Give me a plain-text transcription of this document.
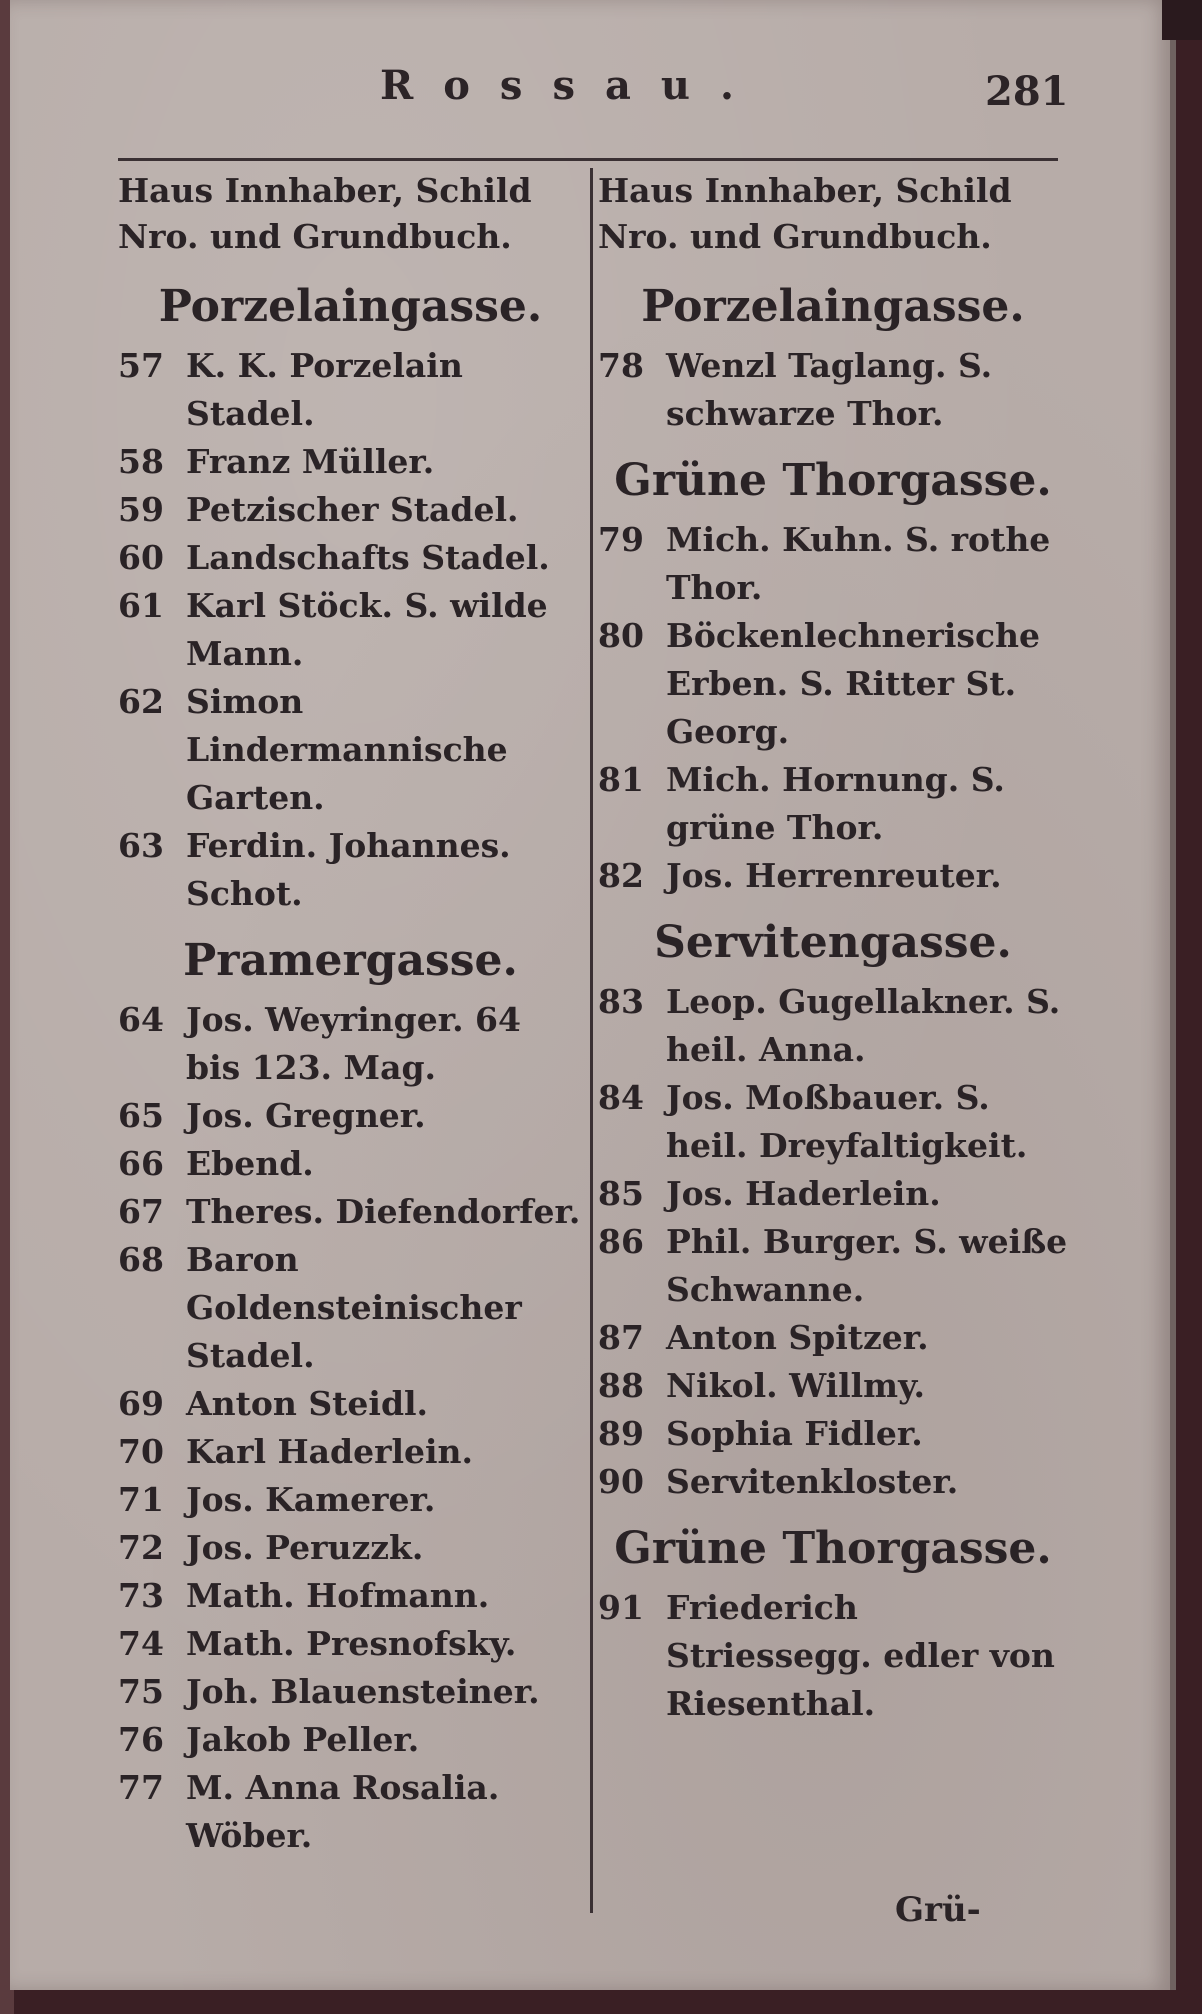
Rossau.	281
Haus Innhaber, Schild
Nro. und Grundbuch.
Porzelaingasse.
57 K. K. Porzelain Stadel.
58 Franz Müller.
59 Petzischer Stadel.
60 Landschafts Stadel.
61 Karl Stöck. S. wilde Mann.
62 Simon Lindermannische Garten.
63 Ferdin. Johannes. Schot.
Pramergasse.
64 Jos. Weyringer. 64 bis 123. Mag.
65 Jos. Gregner.
66 Ebend.
67 Theres. Diefendorfer.
68 Baron Goldensteinischer Stadel.
69 Anton Steidl.
70 Karl Haderlein.
71 Jos. Kamerer.
72 Jos. Peruzzk.
73 Math. Hofmann.
74 Math. Presnofsky.
75 Joh. Blauensteiner.
76 Jakob Peller.
77 M. Anna Rosalia. Wöber.
Haus Innhaber, Schild
Nro. und Grundbuch.
Porzelaingasse.
78 Wenzl Taglang. S. schwarze Thor.
Grüne Thorgasse.
79 Mich. Kuhn. S. rothe Thor.
80 Böckenlechnerische Erben. S. Ritter St. Georg.
81 Mich. Hornung. S. grüne Thor.
82 Jos. Herrenreuter.
Servitengasse.
83 Leop. Gugellakner. S. heil. Anna.
84 Jos. Moßbauer. S. heil. Dreyfaltigkeit.
85 Jos. Haderlein.
86 Phil. Burger. S. weiße Schwanne.
87 Anton Spitzer.
88 Nikol. Willmy.
89 Sophia Fidler.
90 Servitenkloster.
Grüne Thorgasse.
91 Friederich Striessegg. edler von Riesenthal.
Grü-
